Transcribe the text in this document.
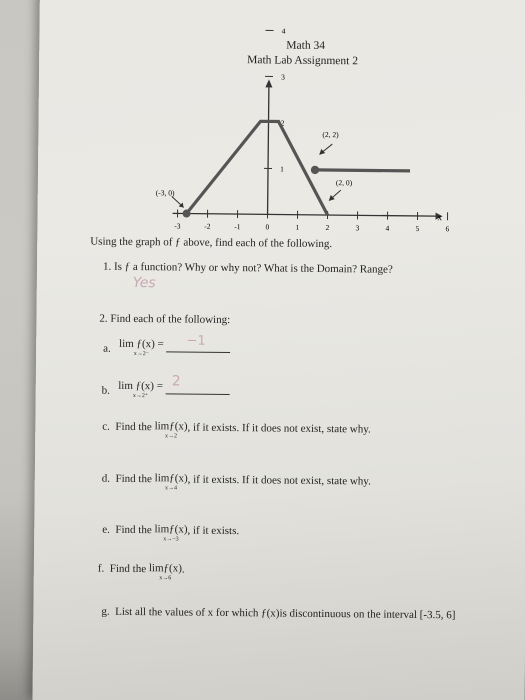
Math 34
Math Lab Assignment 2
-3	-2	-1	0	1	2	3	4	5	6
1
2
3
4
x
(-3, 0)
(2, 2)
(2, 0)
Using the graph of ƒ above, find each of the following.
1. Is ƒ a function? Why or why not? What is the Domain? Range?
Yes
2. Find each of the following:
a. lim ƒ(x) =
x→2⁻

−1
b. lim ƒ(x) =
x→2⁺

2
c. Find the limƒ(x)
x→2
, if it exists. If it does not exist, state why.
d. Find the limƒ(x)
x→4
, if it exists. If it does not exist, state why.
e. Find the limƒ(x)
x→−3
, if it exists.
f. Find the limƒ(x)
x→6
.
g. List all the values of x for which ƒ(x)is discontinuous on the interval [-3.5, 6]
